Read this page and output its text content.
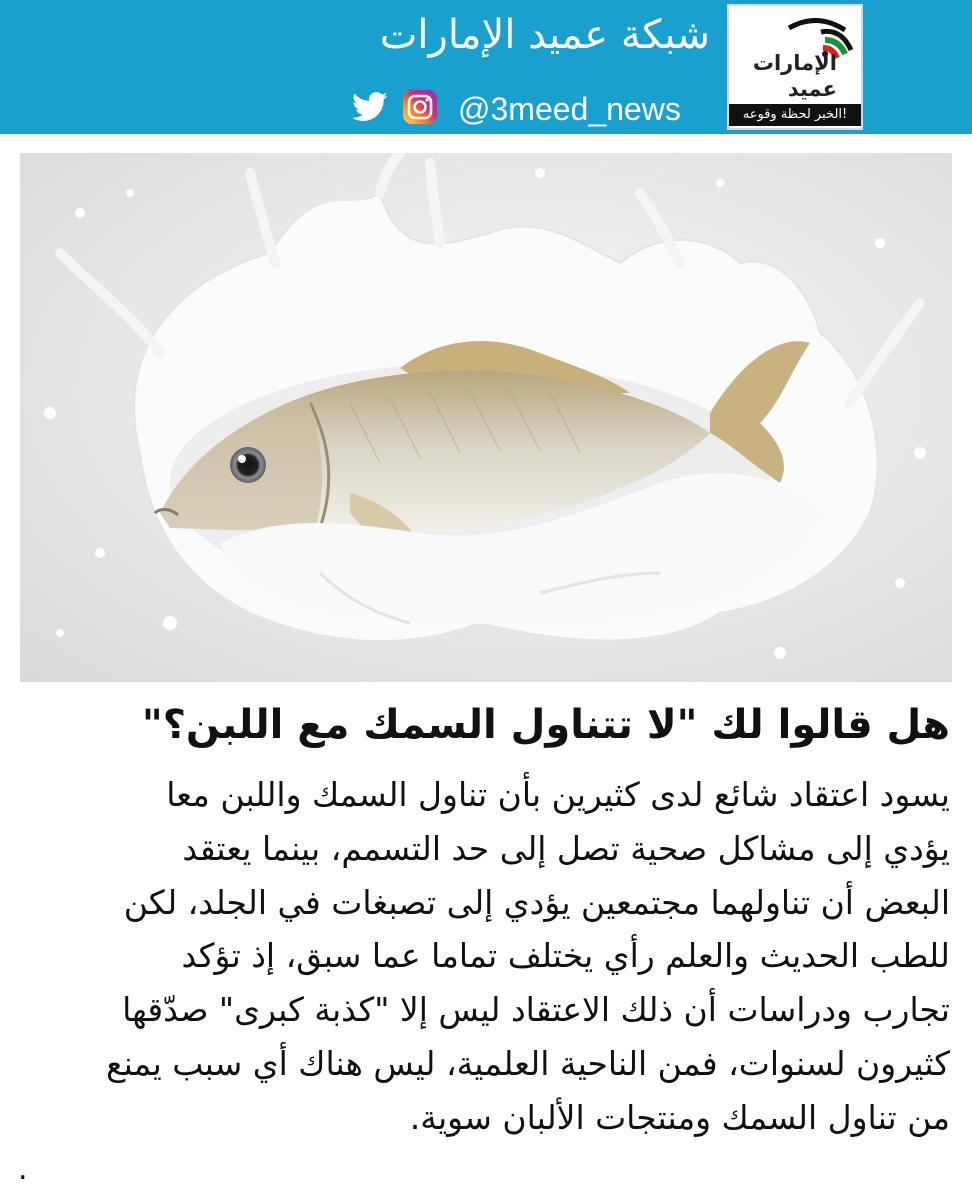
شبكة عميد الإمارات
@3meed_news
الإمارات
عميد
الخبر لحظة وقوعه!
هل قالوا لك "لا تتناول السمك مع اللبن؟"
يسود اعتقاد شائع لدى كثيرين بأن تناول السمك واللبن معا
يؤدي إلى مشاكل صحية تصل إلى حد التسمم، بينما يعتقد
البعض أن تناولهما مجتمعين يؤدي إلى تصبغات في الجلد، لكن
للطب الحديث والعلم رأي يختلف تماما عما سبق، إذ تؤكد
تجارب ودراسات أن ذلك الاعتقاد ليس إلا "كذبة كبرى" صدّقها
كثيرون لسنوات، فمن الناحية العلمية، ليس هناك أي سبب يمنع
من تناول السمك ومنتجات الألبان سوية.
.
